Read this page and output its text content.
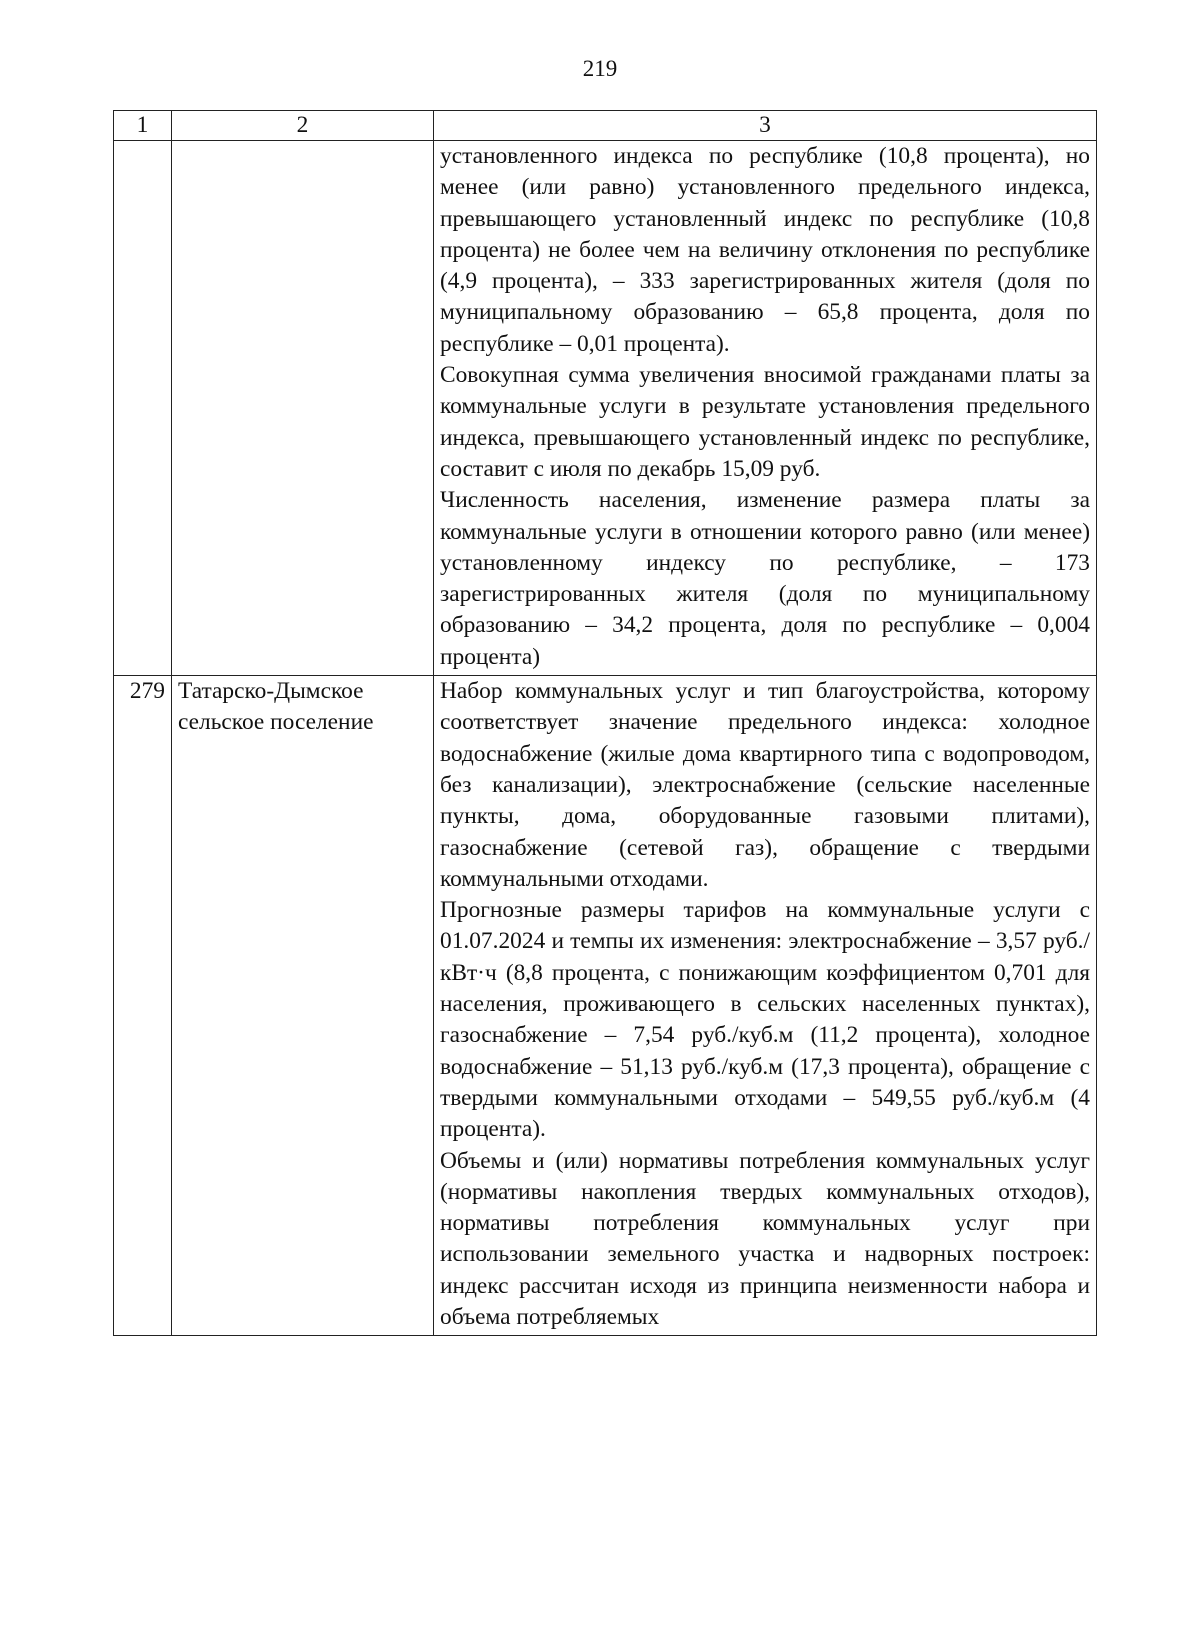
219
1	2	3

		установленного индекса по республике (10,8 процента), но менее (или равно) установленного предельного индекса, превышающего установленный индекс по республике (10,8 процента) не более чем на величину отклонения по республике (4,9 процента), – 333 зарегистрированных жителя (доля по муниципальному образованию – 65,8 процента, доля по республике – 0,01 процента).

Совокупная сумма увеличения вносимой гражданами платы за коммунальные услуги в результате установления предельного индекса, превышающего установленный индекс по республике, составит с июля по декабрь 15,09 руб.

Численность населения, изменение размера платы за коммунальные услуги в отношении которого равно (или менее) установленному индексу по республике, – 173 зарегистрированных жителя (доля по муниципальному образованию – 34,2 процента, доля по республике – 0,004 процента)

279	Татарско-Дымское сельское поселение	Набор коммунальных услуг и тип благоустройства, которому соответствует значение предельного индекса: холодное водоснабжение (жилые дома квартирного типа с водопроводом, без канализации), электроснабжение (сельские населенные пункты, дома, оборудованные газовыми плитами), газоснабжение (сетевой газ), обращение с твердыми коммунальными отходами.

Прогнозные размеры тарифов на коммунальные услуги с 01.07.2024 и темпы их изменения: электроснабжение – 3,57 руб./кВт·ч (8,8 процента, с понижающим коэффициентом 0,701 для населения, проживающего в сельских населенных пунктах), газоснабжение – 7,54 руб./куб.м (11,2 процента), холодное водоснабжение – 51,13 руб./куб.м (17,3 процента), обращение с твердыми коммунальными отходами – 549,55 руб./куб.м (4 процента).

Объемы и (или) нормативы потребления коммунальных услуг (нормативы накопления твердых коммунальных отходов), нормативы потребления коммунальных услуг при использовании земельного участка и надворных построек: индекс рассчитан исходя из принципа неизменности набора и объема потребляемых
